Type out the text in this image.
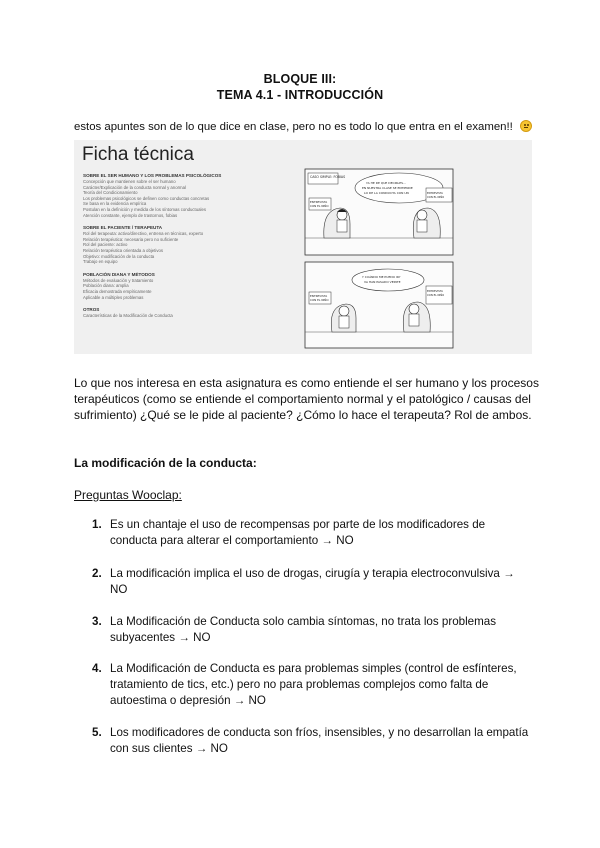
BLOQUE III:
TEMA 4.1 - INTRODUCCIÓN
estos apuntes son de lo que dice en clase, pero no es todo lo que entra en el examen!!
Ficha técnica
SOBRE EL SER HUMANO Y LOS PROBLEMAS PSICOLÓGICOS
Concepción que mantienen sobre el ser humano
Carácter/Explicación de la conducta normal y anormal
Teoría del Condicionamiento
Los problemas psicológicos se definen como conductas concretas
Se basa en la evidencia empírica
Postulan en la definición y medida de los síntomas conductuales
Atención constante, ejemplo de trastornos, fobias
SOBRE EL PACIENTE / TERAPEUTA
Rol del terapeuta: activo/directivo, entrena en técnicas, experto
Relación terapéutica: necesaria pero no suficiente
Rol del paciente: activo
Relación terapéutica orientada a objetivos
Objetivo: modificación de la conducta
Trabajo en equipo
POBLACIÓN DIANA Y MÉTODOS
Métodos de evaluación y tratamiento
Población diana: amplia
Eficacia demostrada empíricamente
Aplicable a múltiples problemas
OTROS
Características de la Modificación de Conducta
CASO SIMPLE: FOBIAS
YA HE DE QUE DECIRLES... EN NUESTRA CLASE SE ENTIENDE LO DE LA CONDUCTA CON UN
ENTREVISTA
CON EL NIÑO
ENTREVISTA
CON EL NIÑO
Y CUÁNDO ME PUEDO IR? VA HAN PASADO VEINTE
ENTREVISTA
CON EL NIÑO
ENTREVISTA
CON EL NIÑO
Lo que nos interesa en esta asignatura es como entiende el ser humano y los procesos terapéuticos (como se entiende el comportamiento normal y el patológico / causas del sufrimiento) ¿Qué se le pide al paciente? ¿Cómo lo hace el terapeuta? Rol de ambos.
La modificación de la conducta:
Preguntas Wooclap:
1. Es un chantaje el uso de recompensas por parte de los modificadores de conducta para alterar el comportamiento → NO
2. La modificación implica el uso de drogas, cirugía y terapia electroconvulsiva → NO
3. La Modificación de Conducta solo cambia síntomas, no trata los problemas subyacentes → NO
4. La Modificación de Conducta es para problemas simples (control de esfínteres, tratamiento de tics, etc.) pero no para problemas complejos como falta de autoestima o depresión → NO
5. Los modificadores de conducta son fríos, insensibles, y no desarrollan la empatía con sus clientes → NO
